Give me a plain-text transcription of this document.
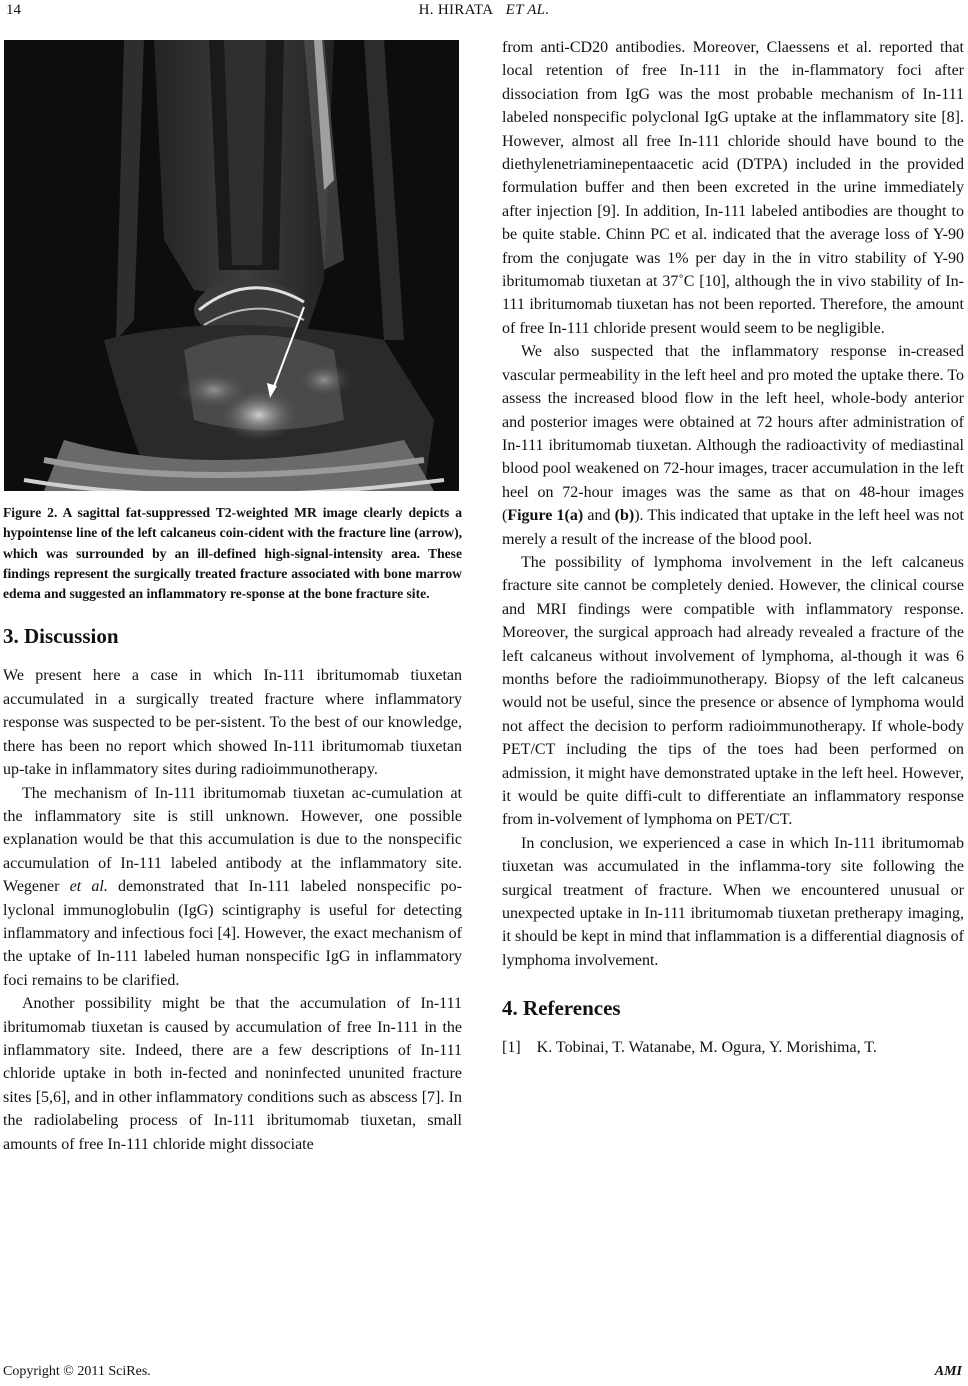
14	H. HIRATA ET AL.
Figure 2. A sagittal fat-suppressed T2-weighted MR image clearly depicts a hypointense line of the left calcaneus coin-cident with the fracture line (arrow), which was surrounded by an ill-defined high-signal-intensity area. These findings represent the surgically treated fracture associated with bone marrow edema and suggested an inflammatory re-sponse at the bone fracture site.
3. Discussion

We present here a case in which In-111 ibritumomab tiuxetan accumulated in a surgically treated fracture where inflammatory response was suspected to be per-sistent. To the best of our knowledge, there has been no report which showed In-111 ibritumomab tiuxetan up-take in inflammatory sites during radioimmunotherapy.

The mechanism of In-111 ibritumomab tiuxetan ac-cumulation at the inflammatory site is still unknown. However, one possible explanation would be that this accumulation is due to the nonspecific accumulation of In-111 labeled antibody at the inflammatory site. Wegener et al. demonstrated that In-111 labeled nonspecific po-lyclonal immunoglobulin (IgG) scintigraphy is useful for detecting inflammatory and infectious foci [4]. However, the exact mechanism of the uptake of In-111 labeled human nonspecific IgG in inflammatory foci remains to be clarified.

Another possibility might be that the accumulation of In-111 ibritumomab tiuxetan is caused by accumulation of free In-111 in the inflammatory site. Indeed, there are a few descriptions of In-111 chloride uptake in both in-fected and noninfected ununited fracture sites [5,6], and in other inflammatory conditions such as abscess [7]. In the radiolabeling process of In-111 ibritumomab tiuxetan, small amounts of free In-111 chloride might dissociate

from anti-CD20 antibodies. Moreover, Claessens et al. reported that local retention of free In-111 in the in-flammatory foci after dissociation from IgG was the most probable mechanism of In-111 labeled nonspecific polyclonal IgG uptake at the inflammatory site [8]. However, almost all free In-111 chloride should have bound to the diethylenetriaminepentaacetic acid (DTPA) included in the provided formulation buffer and then been excreted in the urine immediately after injection [9]. In addition, In-111 labeled antibodies are thought to be quite stable. Chinn PC et al. indicated that the average loss of Y-90 from the conjugate was 1% per day in the in vitro stability of Y-90 ibritumomab tiuxetan at 37˚C [10], although the in vivo stability of In-111 ibritumomab tiuxetan has not been reported. Therefore, the amount of free In-111 chloride present would seem to be negligible.

We also suspected that the inflammatory response in-creased vascular permeability in the left heel and pro moted the uptake there. To assess the increased blood flow in the left heel, whole-body anterior and posterior images were obtained at 72 hours after administration of In-111 ibritumomab tiuxetan. Although the radioactivity of mediastinal blood pool weakened on 72-hour images, tracer accumulation in the left heel on 72-hour images was the same as that on 48-hour images (Figure 1(a) and (b)). This indicated that uptake in the left heel was not merely a result of the increase of the blood pool.

The possibility of lymphoma involvement in the left calcaneus fracture site cannot be completely denied. However, the clinical course and MRI findings were compatible with inflammatory response. Moreover, the surgical approach had already revealed a fracture of the left calcaneus without involvement of lymphoma, al-though it was 6 months before the radioimmunotherapy. Biopsy of the left calcaneus would not be useful, since the presence or absence of lymphoma would not affect the decision to perform radioimmunotherapy. If whole-body PET/CT including the tips of the toes had been performed on admission, it might have demonstrated uptake in the left heel. However, it would be quite diffi-cult to differentiate an inflammatory response from in-volvement of lymphoma on PET/CT.

In conclusion, we experienced a case in which In-111 ibritumomab tiuxetan was accumulated in the inflamma-tory site following the surgical treatment of fracture. When we encountered unusual or unexpected uptake in In-111 ibritumomab tiuxetan pretherapy imaging, it should be kept in mind that inflammation is a differential diagnosis of lymphoma involvement.

4. References

[1]    K. Tobinai, T. Watanabe, M. Ogura, Y. Morishima, T.

Copyright © 2011 SciRes.	AMI
